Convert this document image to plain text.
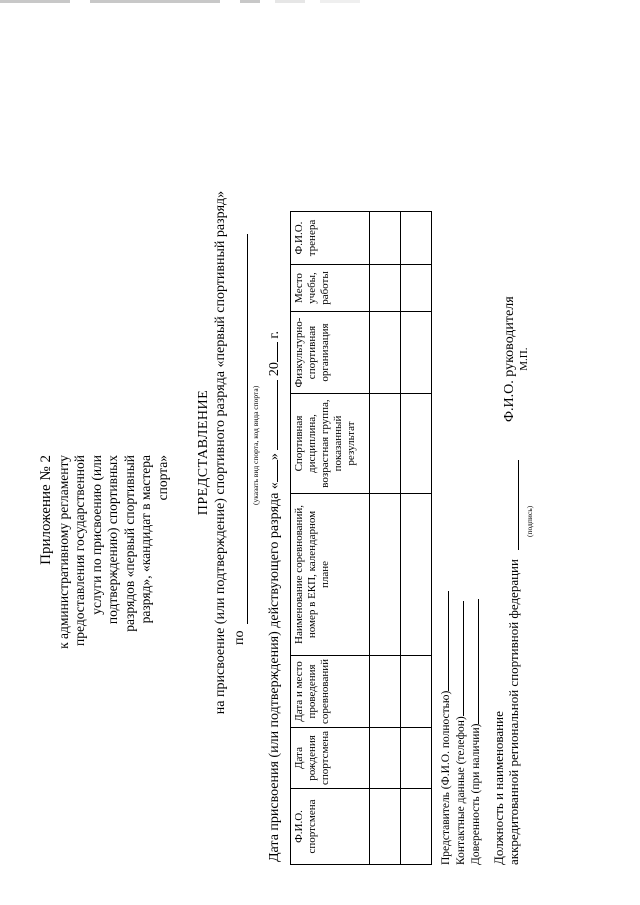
Приложение № 2 к административному регламенту предоставления государственной услуги по присвоению (или подтверждению) спортивных разрядов «первый спортивный разряд», «кандидат в мастера спорта» ПРЕДСТАВЛЕНИЕ на присвоение (или подтверждение) спортивного разряда «первый спортивный разряд» по
(указать вид спорта, код вида спорта)
Дата присвоения (или подтверждения) действующего разряда «»  20 г.
Ф.И.О. спортсмена	Дата рождения спортсмена	Дата и место проведения соревнований	Наименование соревнований, номер в ЕКП, календарном плане	Спортивная дисциплина, возрастная группа, показанный результат	Физкультурно-спортивная организация	Место учебы, работы	Ф.И.О. тренера

Представитель (Ф.И.О. полностью) Контактные данные (телефон) Доверенность (при наличии) Должность и наименование аккредитованной региональной спортивной федерации
(подпись)
Ф.И.О. руководителя М.П.
